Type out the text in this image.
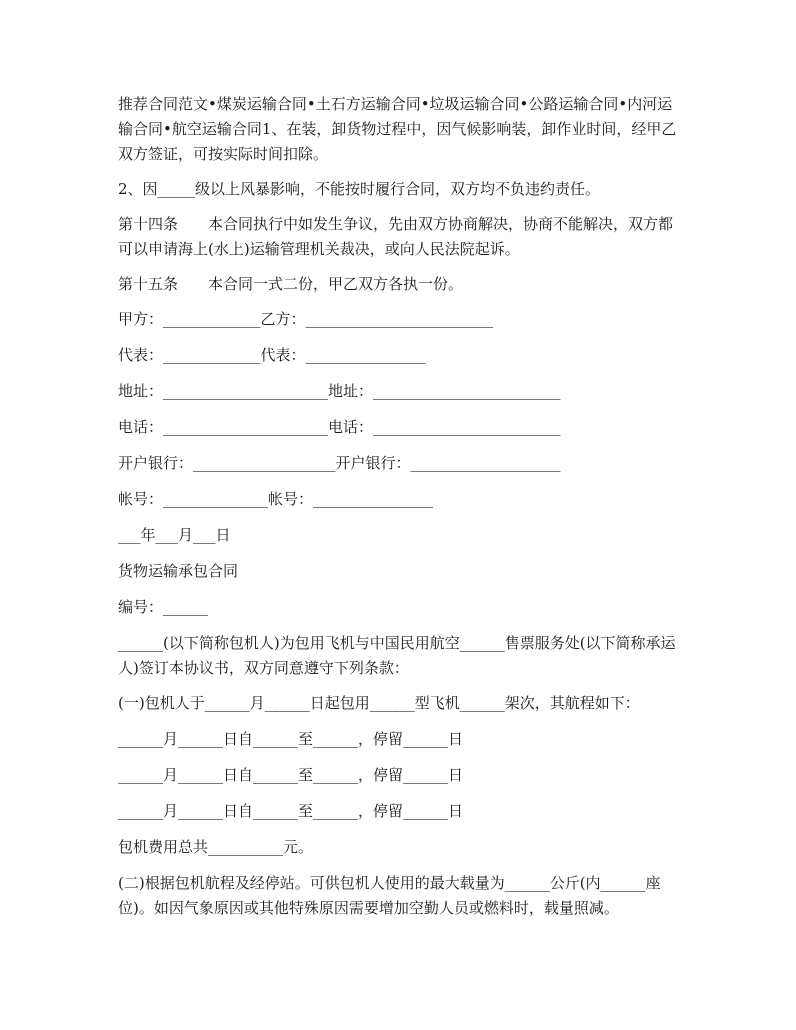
推荐合同范文•煤炭运输合同•土石方运输合同•垃圾运输合同•公路运输合同•内河运输合同•航空运输合同1、在装，卸货物过程中，因气候影响装，卸作业时间，经甲乙双方签证，可按实际时间扣除。

2、因_____级以上风暴影响，不能按时履行合同，双方均不负违约责任。

第十四条　　本合同执行中如发生争议，先由双方协商解决，协商不能解决，双方都可以申请海上(水上)运输管理机关裁决，或向人民法院起诉。

第十五条　　本合同一式二份，甲乙双方各执一份。

甲方：_____________乙方：_________________________

代表：_____________代表：________________

地址：______________________地址：_________________________

电话：______________________电话：_________________________

开户银行：___________________开户银行：____________________

帐号：______________帐号：________________

___年___月___日

货物运输承包合同

编号：______

______(以下简称包机人)为包用飞机与中国民用航空______售票服务处(以下简称承运人)签订本协议书，双方同意遵守下列条款：

(一)包机人于______月______日起包用______型飞机______架次，其航程如下：

______月______日自______至______，停留______日

______月______日自______至______，停留______日

______月______日自______至______，停留______日

包机费用总共__________元。

(二)根据包机航程及经停站。可供包机人使用的最大载量为______公斤(内______座位)。如因气象原因或其他特殊原因需要增加空勤人员或燃料时，载量照减。
